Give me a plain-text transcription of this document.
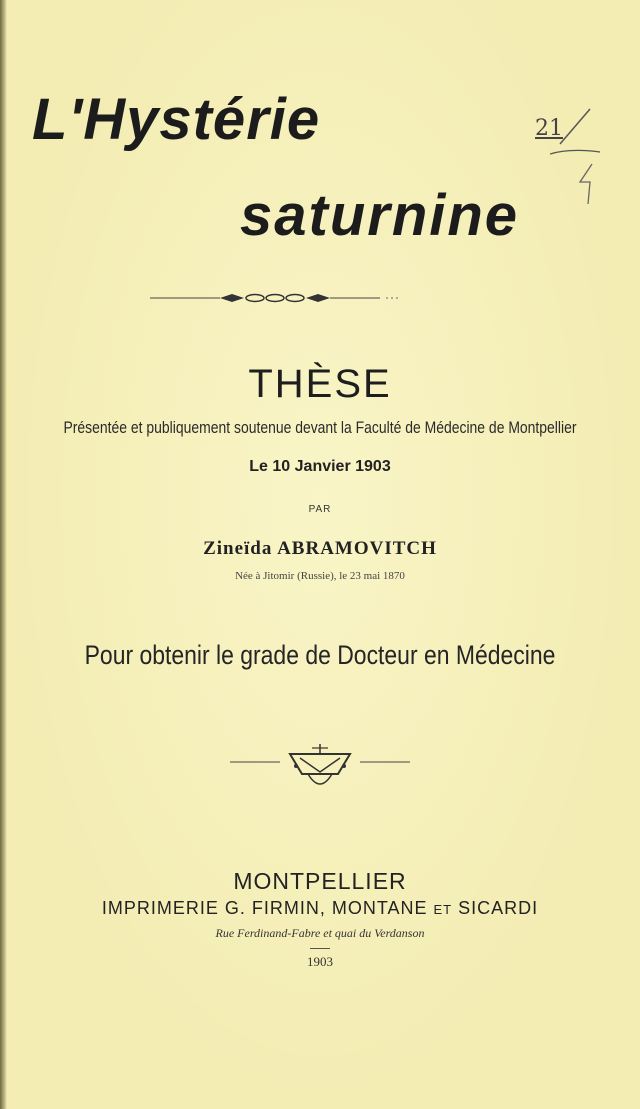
L'Hystérie
saturnine
21
THÈSE
Présentée et publiquement soutenue devant la Faculté de Médecine de Montpellier
Le 10 Janvier 1903
PAR
Zineïda ABRAMOVITCH
Née à Jitomir (Russie), le 23 mai 1870
Pour obtenir le grade de Docteur en Médecine
MONTPELLIER
IMPRIMERIE G. FIRMIN, MONTANE ET SICARDI
Rue Ferdinand-Fabre et quai du Verdanson
1903
